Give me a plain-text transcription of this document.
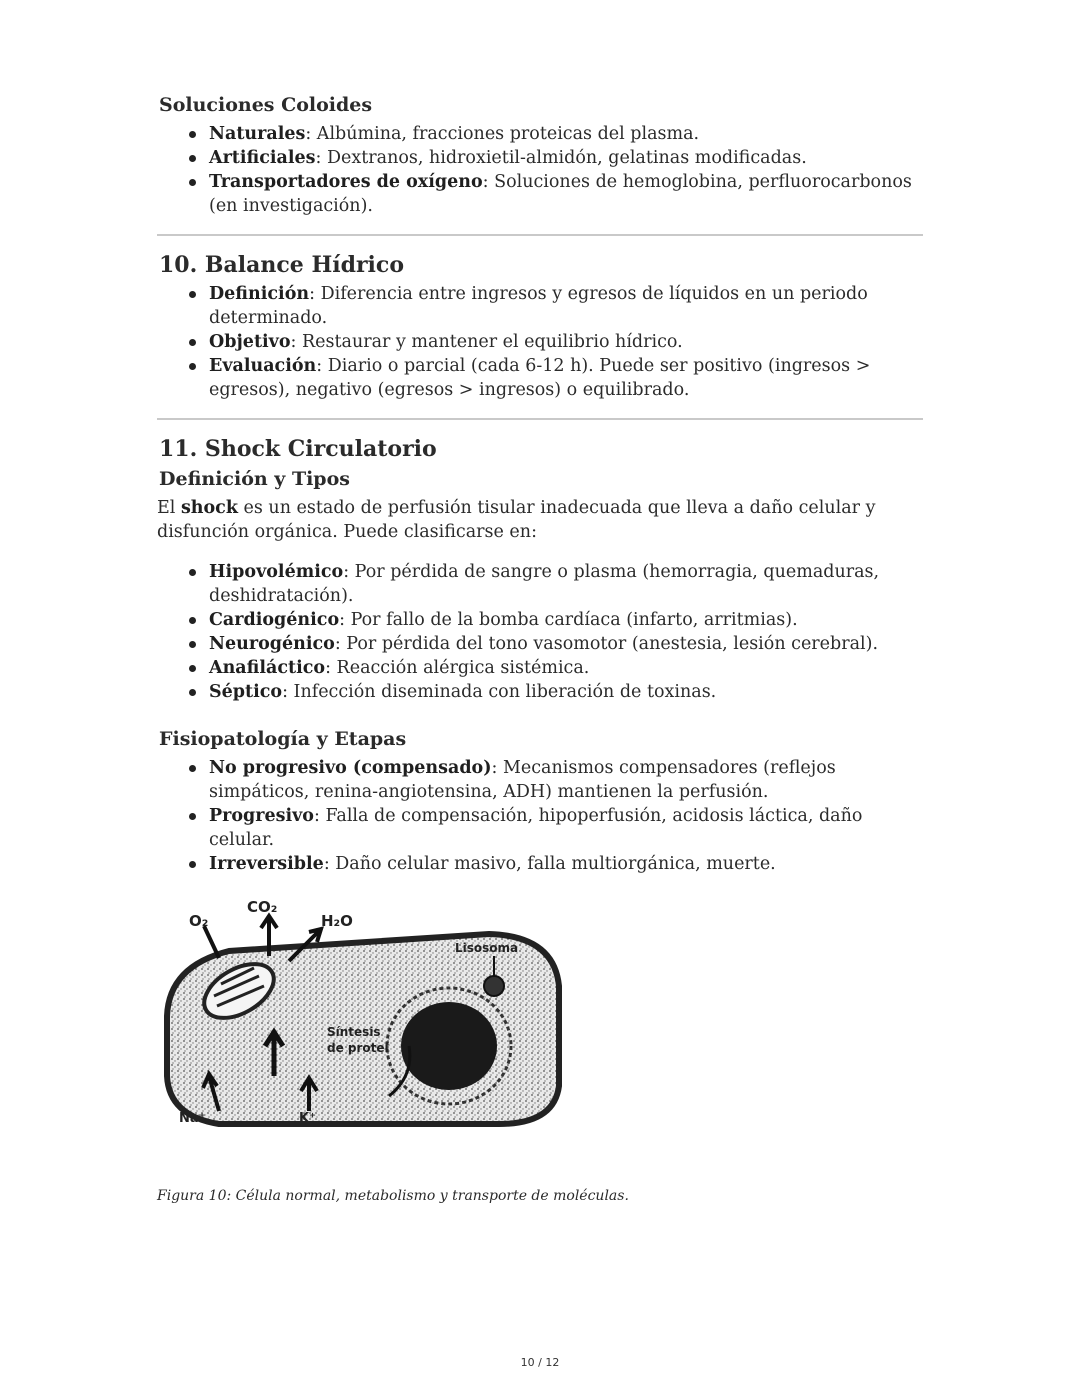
Soluciones Coloides
Naturales: Albúmina, fracciones proteicas del plasma.
Artificiales: Dextranos, hidroxietil-almidón, gelatinas modificadas.
Transportadores de oxígeno: Soluciones de hemoglobina, perfluorocarbonos (en investigación).
10. Balance Hídrico
Definición: Diferencia entre ingresos y egresos de líquidos en un periodo determinado.
Objetivo: Restaurar y mantener el equilibrio hídrico.
Evaluación: Diario o parcial (cada 6-12 h). Puede ser positivo (ingresos > egresos), negativo (egresos > ingresos) o equilibrado.
11. Shock Circulatorio
Definición y Tipos

El shock es un estado de perfusión tisular inadecuada que lleva a daño celular y disfunción orgánica. Puede clasificarse en:

Hipovolémico: Por pérdida de sangre o plasma (hemorragia, quemaduras, deshidratación).
Cardiogénico: Por fallo de la bomba cardíaca (infarto, arritmias).
Neurogénico: Por pérdida del tono vasomotor (anestesia, lesión cerebral).
Anafiláctico: Reacción alérgica sistémica.
Séptico: Infección diseminada con liberación de toxinas.
Fisiopatología y Etapas
No progresivo (compensado): Mecanismos compensadores (reflejos simpáticos, renina-angiotensina, ADH) mantienen la perfusión.
Progresivo: Falla de compensación, hipoperfusión, acidosis láctica, daño celular.
Irreversible: Daño celular masivo, falla multiorgánica, muerte.
O₂
CO₂
H₂O
Lisosoma
Síntesis
de proteí
Na⁺	K⁺
Figura 10: Célula normal, metabolismo y transporte de moléculas.
10 / 12
